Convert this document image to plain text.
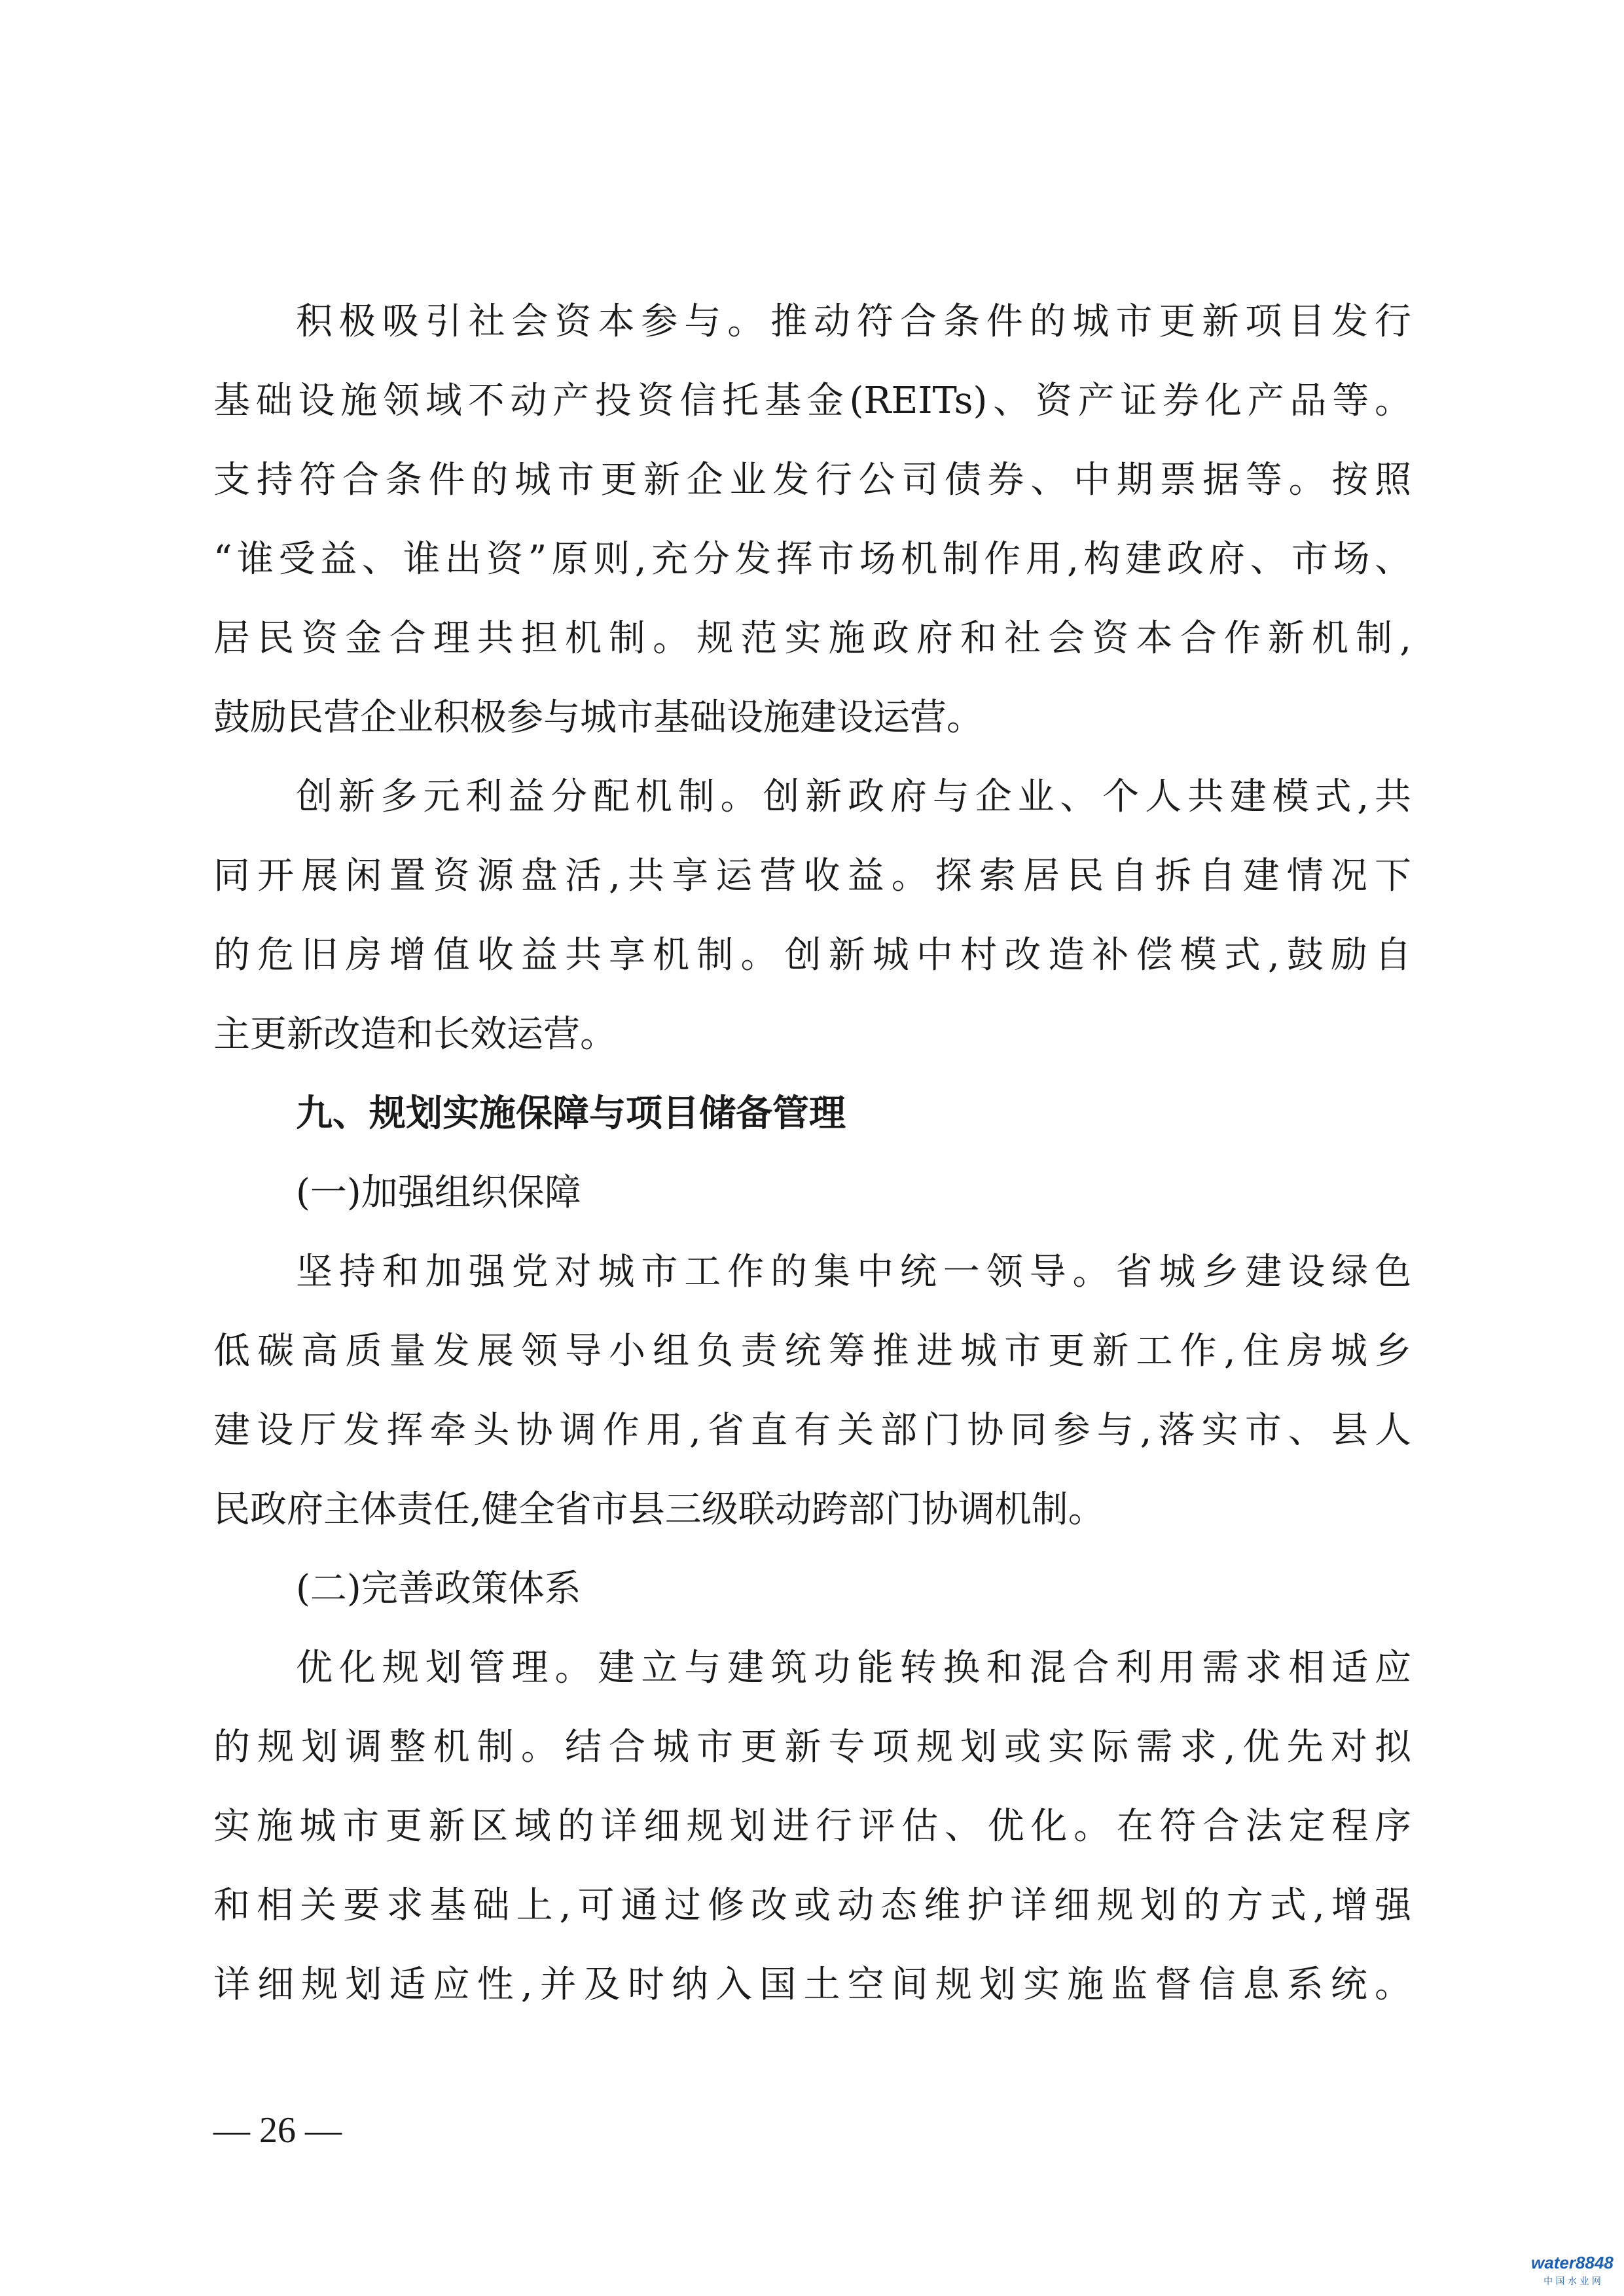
积极吸引社会资本参与。推动符合条件的城市更新项目发行
基础设施领域不动产投资信托基金(REITs)、资产证券化产品等。
支持符合条件的城市更新企业发行公司债券、中期票据等。按照
“谁受益、谁出资”原则,充分发挥市场机制作用,构建政府、市场、
居民资金合理共担机制。规范实施政府和社会资本合作新机制,
鼓励民营企业积极参与城市基础设施建设运营。
创新多元利益分配机制。创新政府与企业、个人共建模式,共
同开展闲置资源盘活,共享运营收益。探索居民自拆自建情况下
的危旧房增值收益共享机制。创新城中村改造补偿模式,鼓励自
主更新改造和长效运营。
九、规划实施保障与项目储备管理
(一)加强组织保障
坚持和加强党对城市工作的集中统一领导。省城乡建设绿色
低碳高质量发展领导小组负责统筹推进城市更新工作,住房城乡
建设厅发挥牵头协调作用,省直有关部门协同参与,落实市、县人
民政府主体责任,健全省市县三级联动跨部门协调机制。
(二)完善政策体系
优化规划管理。建立与建筑功能转换和混合利用需求相适应
的规划调整机制。结合城市更新专项规划或实际需求,优先对拟
实施城市更新区域的详细规划进行评估、优化。在符合法定程序
和相关要求基础上,可通过修改或动态维护详细规划的方式,增强
详细规划适应性,并及时纳入国土空间规划实施监督信息系统。
— 26 —
water8848
中 国 水 业 网
